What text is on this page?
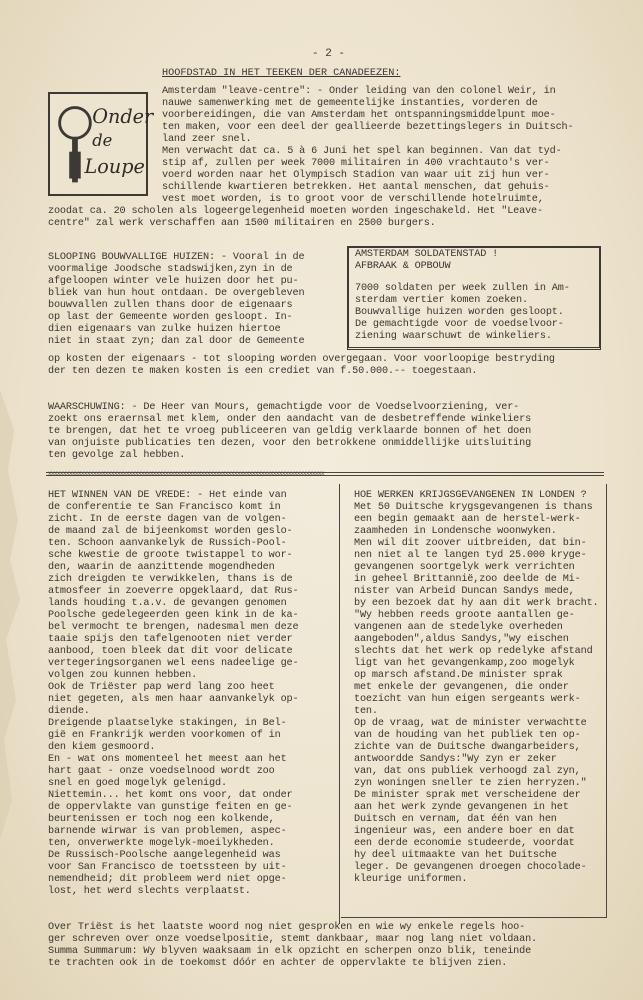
- 2 -
HOOFDSTAD IN HET TEEKEN DER CANADEEZEN:
Onder
de
Loupe
Amsterdam "leave-centre": - Onder leiding van den colonel Weir, in
nauwe samenwerking met de gemeentelijke instanties, vorderen de
voorbereidingen, die van Amsterdam het ontspanningsmiddelpunt moe-
ten maken, voor een deel der geallieerde bezettingslegers in Duitsch-
land zeer snel.
Men verwacht dat ca. 5 à 6 Juni het spel kan beginnen. Van dat tyd-
stip af, zullen per week 7000 militairen in 400 vrachtauto's ver-
voerd worden naar het Olympisch Stadion van waar uit zij hun ver-
schillende kwartieren betrekken. Het aantal menschen, dat gehuis-
vest moet worden, is to groot voor de verschillende hotelruimte,
zoodat ca. 20 scholen als logeergelegenheid moeten worden ingeschakeld. Het "Leave-
centre" zal werk verschaffen aan 1500 militairen en 2500 burgers.
SLOOPING BOUWVALLIGE HUIZEN: - Vooral in de
voormalige Joodsche stadswijken,zyn in de
afgeloopen winter vele huizen door het pu-
bliek van hun hout ontdaan. De overgebleven
bouwvallen zullen thans door de eigenaars
op last der Gemeente worden gesloopt. In-
dien eigenaars van zulke huizen hiertoe
niet in staat zyn; dan zal door de Gemeente
op kosten der eigenaars - tot slooping worden overgegaan. Voor voorloopige bestryding
der ten dezen te maken kosten is een crediet van f.50.000.-- toegestaan.
AMSTERDAM SOLDATENSTAD !
AFBRAAK & OPBOUW
7000 soldaten per week zullen in Am-
sterdam vertier komen zoeken.
Bouwvallige huizen worden gesloopt.
De gemachtigde voor de voedselvoor-
ziening waarschuwt de winkeliers.
WAARSCHUWING: - De Heer van Mours, gemachtigde voor de Voedselvoorziening, ver-
zoekt ons eraernsal met klem, onder den aandacht van de desbetreffende winkeliers
te brengen, dat het te vroeg publiceeren van geldig verklaarde bonnen of het doen
van onjuiste publicaties ten dezen, voor den betrokkene onmiddellijke uitsluiting
ten gevolge zal hebben.
xxxxxxxxxxxxxxxxxxxxxxxxxxxxxxxxxxxxxxxxxxxxxxxxxxxxxxxxxxxxxxxxxxxxxxxxxxxxxxxxxxxxxxxxxxxx
HET WINNEN VAN DE VREDE: - Het einde van
de conferentie te San Francisco komt in
zicht. In de eerste dagen van de volgen-
de maand zal de bijeenkomst worden geslo-
ten. Schoon aanvankelyk de Russich-Pool-
sche kwestie de groote twistappel to wor-
den, waarin de aanzittende mogendheden
zich dreigden te verwikkelen, thans is de
atmosfeer in zoeverre opgeklaard, dat Rus-
lands houding t.a.v. de gevangen genomen
Poolsche gedelegeerden geen kink in de ka-
bel vermocht te brengen, nadesmal men deze
taaie spijs den tafelgenooten niet verder
aanbood, toen bleek dat dit voor delicate
vertegeringsorganen wel eens nadeelige ge-
volgen zou kunnen hebben.
Ook de Triëster pap werd lang zoo heet
niet gegeten, als men haar aanvankelyk op-
diende.
Dreigende plaatselyke stakingen, in Bel-
gië en Frankrijk werden voorkomen of in
den kiem gesmoord.
En - wat ons momenteel het meest aan het
hart gaat - onze voedselnood wordt zoo
snel en goed mogelyk gelenigd.
Niettemin... het komt ons voor, dat onder
de oppervlakte van gunstige feiten en ge-
beurtenissen er toch nog een kolkende,
barnende wirwar is van problemen, aspec-
ten, onverwerkte mogelyk-moeilykheden.
De Russisch-Poolsche aangelegenheid was
voor San Francisco de toetssteen by uit-
nemendheid; dit probleem werd niet opge-
lost, het werd slechts verplaatst.
HOE WERKEN KRIJGSGEVANGENEN IN LONDEN ?
Met 50 Duitsche krygsgevangenen is thans
een begin gemaakt aan de herstel-werk-
zaamheden in Londensche woonwyken.
Men wil dit zoover uitbreiden, dat bin-
nen niet al te langen tyd 25.000 kryge-
gevangenen soortgelyk werk verrichten
in geheel Brittannië,zoo deelde de Mi-
nister van Arbeid Duncan Sandys mede,
by een bezoek dat hy aan dit werk bracht.
"Wy hebben reeds groote aantallen ge-
vangenen aan de stedelyke overheden
aangeboden",aldus Sandys,"wy eischen
slechts dat het werk op redelyke afstand
ligt van het gevangenkamp,zoo mogelyk
op marsch afstand.De minister sprak
met enkele der gevangenen, die onder
toezicht van hun eigen sergeants werk-
ten.
Op de vraag, wat de minister verwachtte
van de houding van het publiek ten op-
zichte van de Duitsche dwangarbeiders,
antwoordde Sandys:"Wy zyn er zeker
van, dat ons publiek verhoogd zal zyn,
zyn woningen sneller te zien herryzen."
De minister sprak met verscheidene der
aan het werk zynde gevangenen in het
Duitsch en vernam, dat één van hen
ingenieur was, een andere boer en dat
een derde economie studeerde, voordat
hy deel uitmaakte van het Duitsche
leger. De gevangenen droegen chocolade-
kleurige uniformen.
Over Triëst is het laatste woord nog niet gesproken en wie wy enkele regels hoo-
ger schreven over onze voedselpositie, stemt dankbaar, maar nog lang niet voldaan.
Summa Summarum: Wy blyven waaksaam in elk opzicht en scherpen onzo blik, teneinde
te trachten ook in de toekomst dóór en achter de oppervlakte te blijven zien.
